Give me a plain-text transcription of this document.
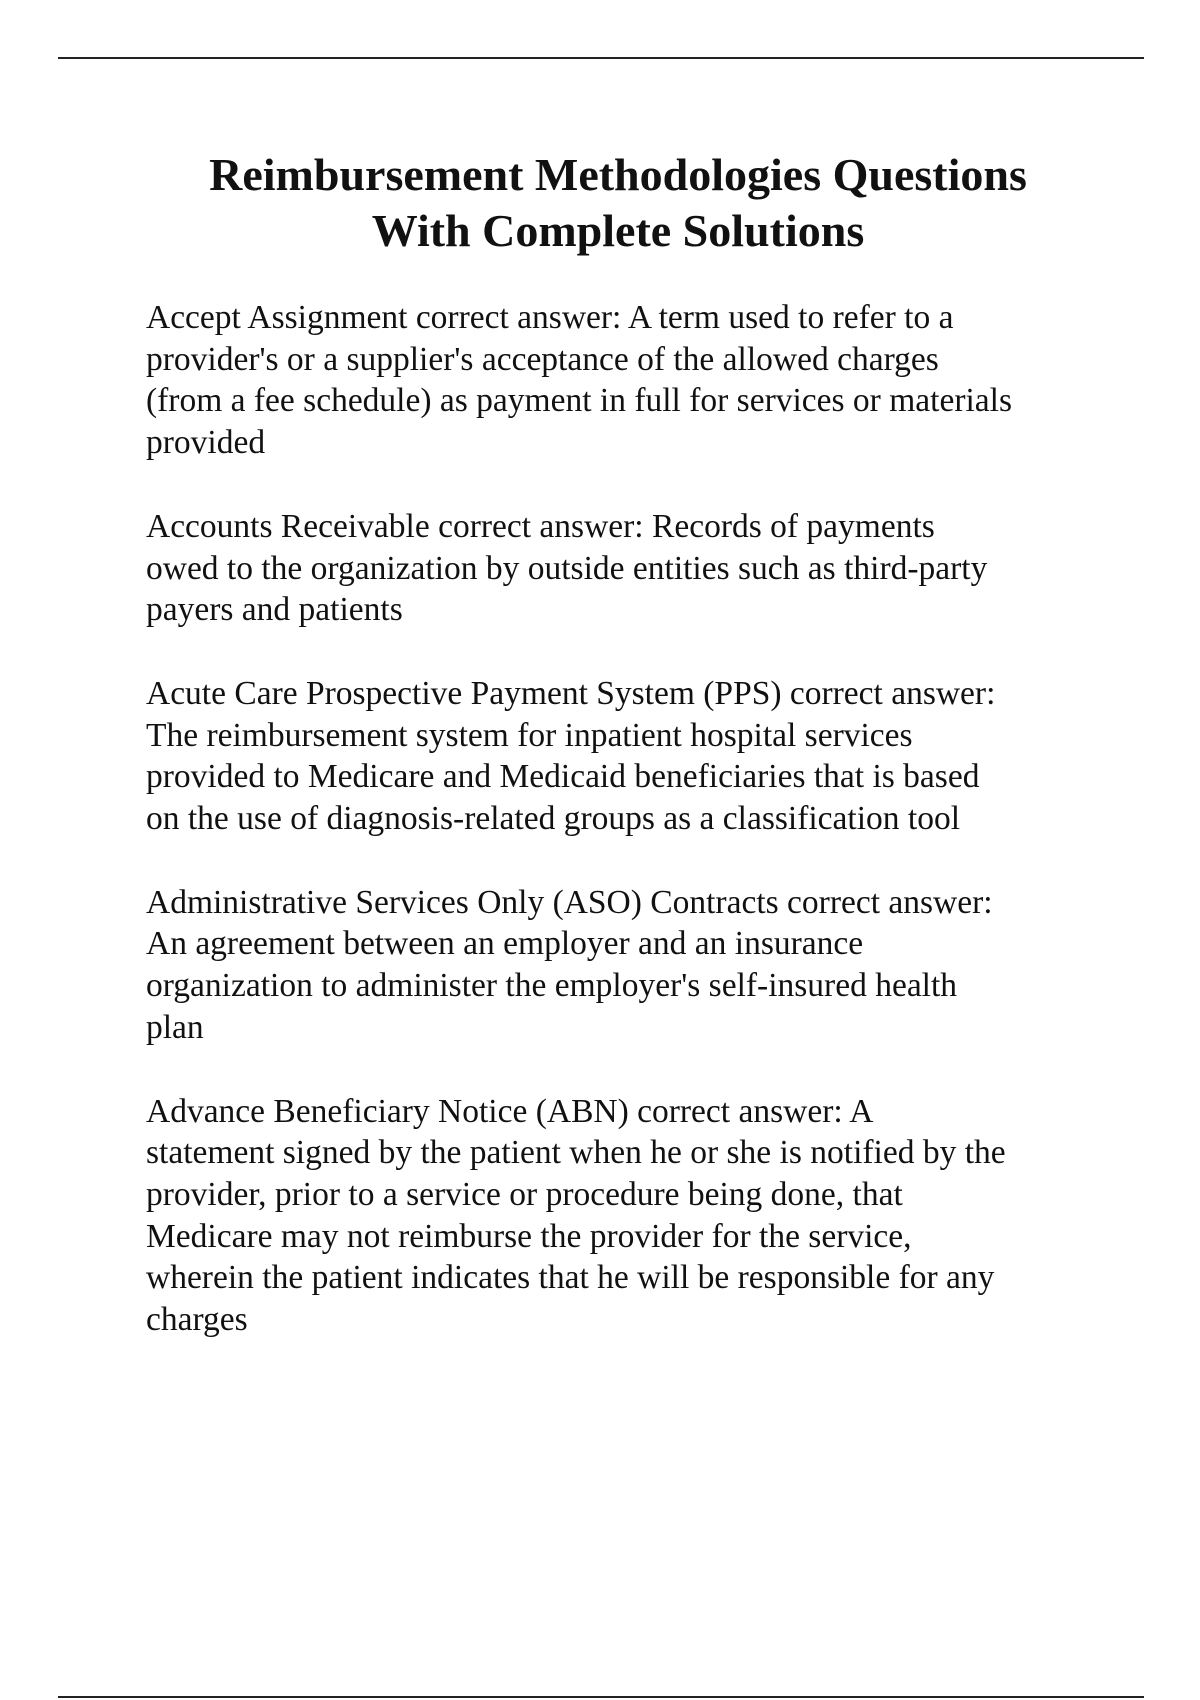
Reimbursement Methodologies Questions
With Complete Solutions

Accept Assignment correct answer: A term used to refer to a
provider's or a supplier's acceptance of the allowed charges
(from a fee schedule) as payment in full for services or materials
provided

Accounts Receivable correct answer: Records of payments
owed to the organization by outside entities such as third-party
payers and patients

Acute Care Prospective Payment System (PPS) correct answer:
The reimbursement system for inpatient hospital services
provided to Medicare and Medicaid beneficiaries that is based
on the use of diagnosis-related groups as a classification tool

Administrative Services Only (ASO) Contracts correct answer:
An agreement between an employer and an insurance
organization to administer the employer's self-insured health
plan

Advance Beneficiary Notice (ABN) correct answer: A
statement signed by the patient when he or she is notified by the
provider, prior to a service or procedure being done, that
Medicare may not reimburse the provider for the service,
wherein the patient indicates that he will be responsible for any
charges
